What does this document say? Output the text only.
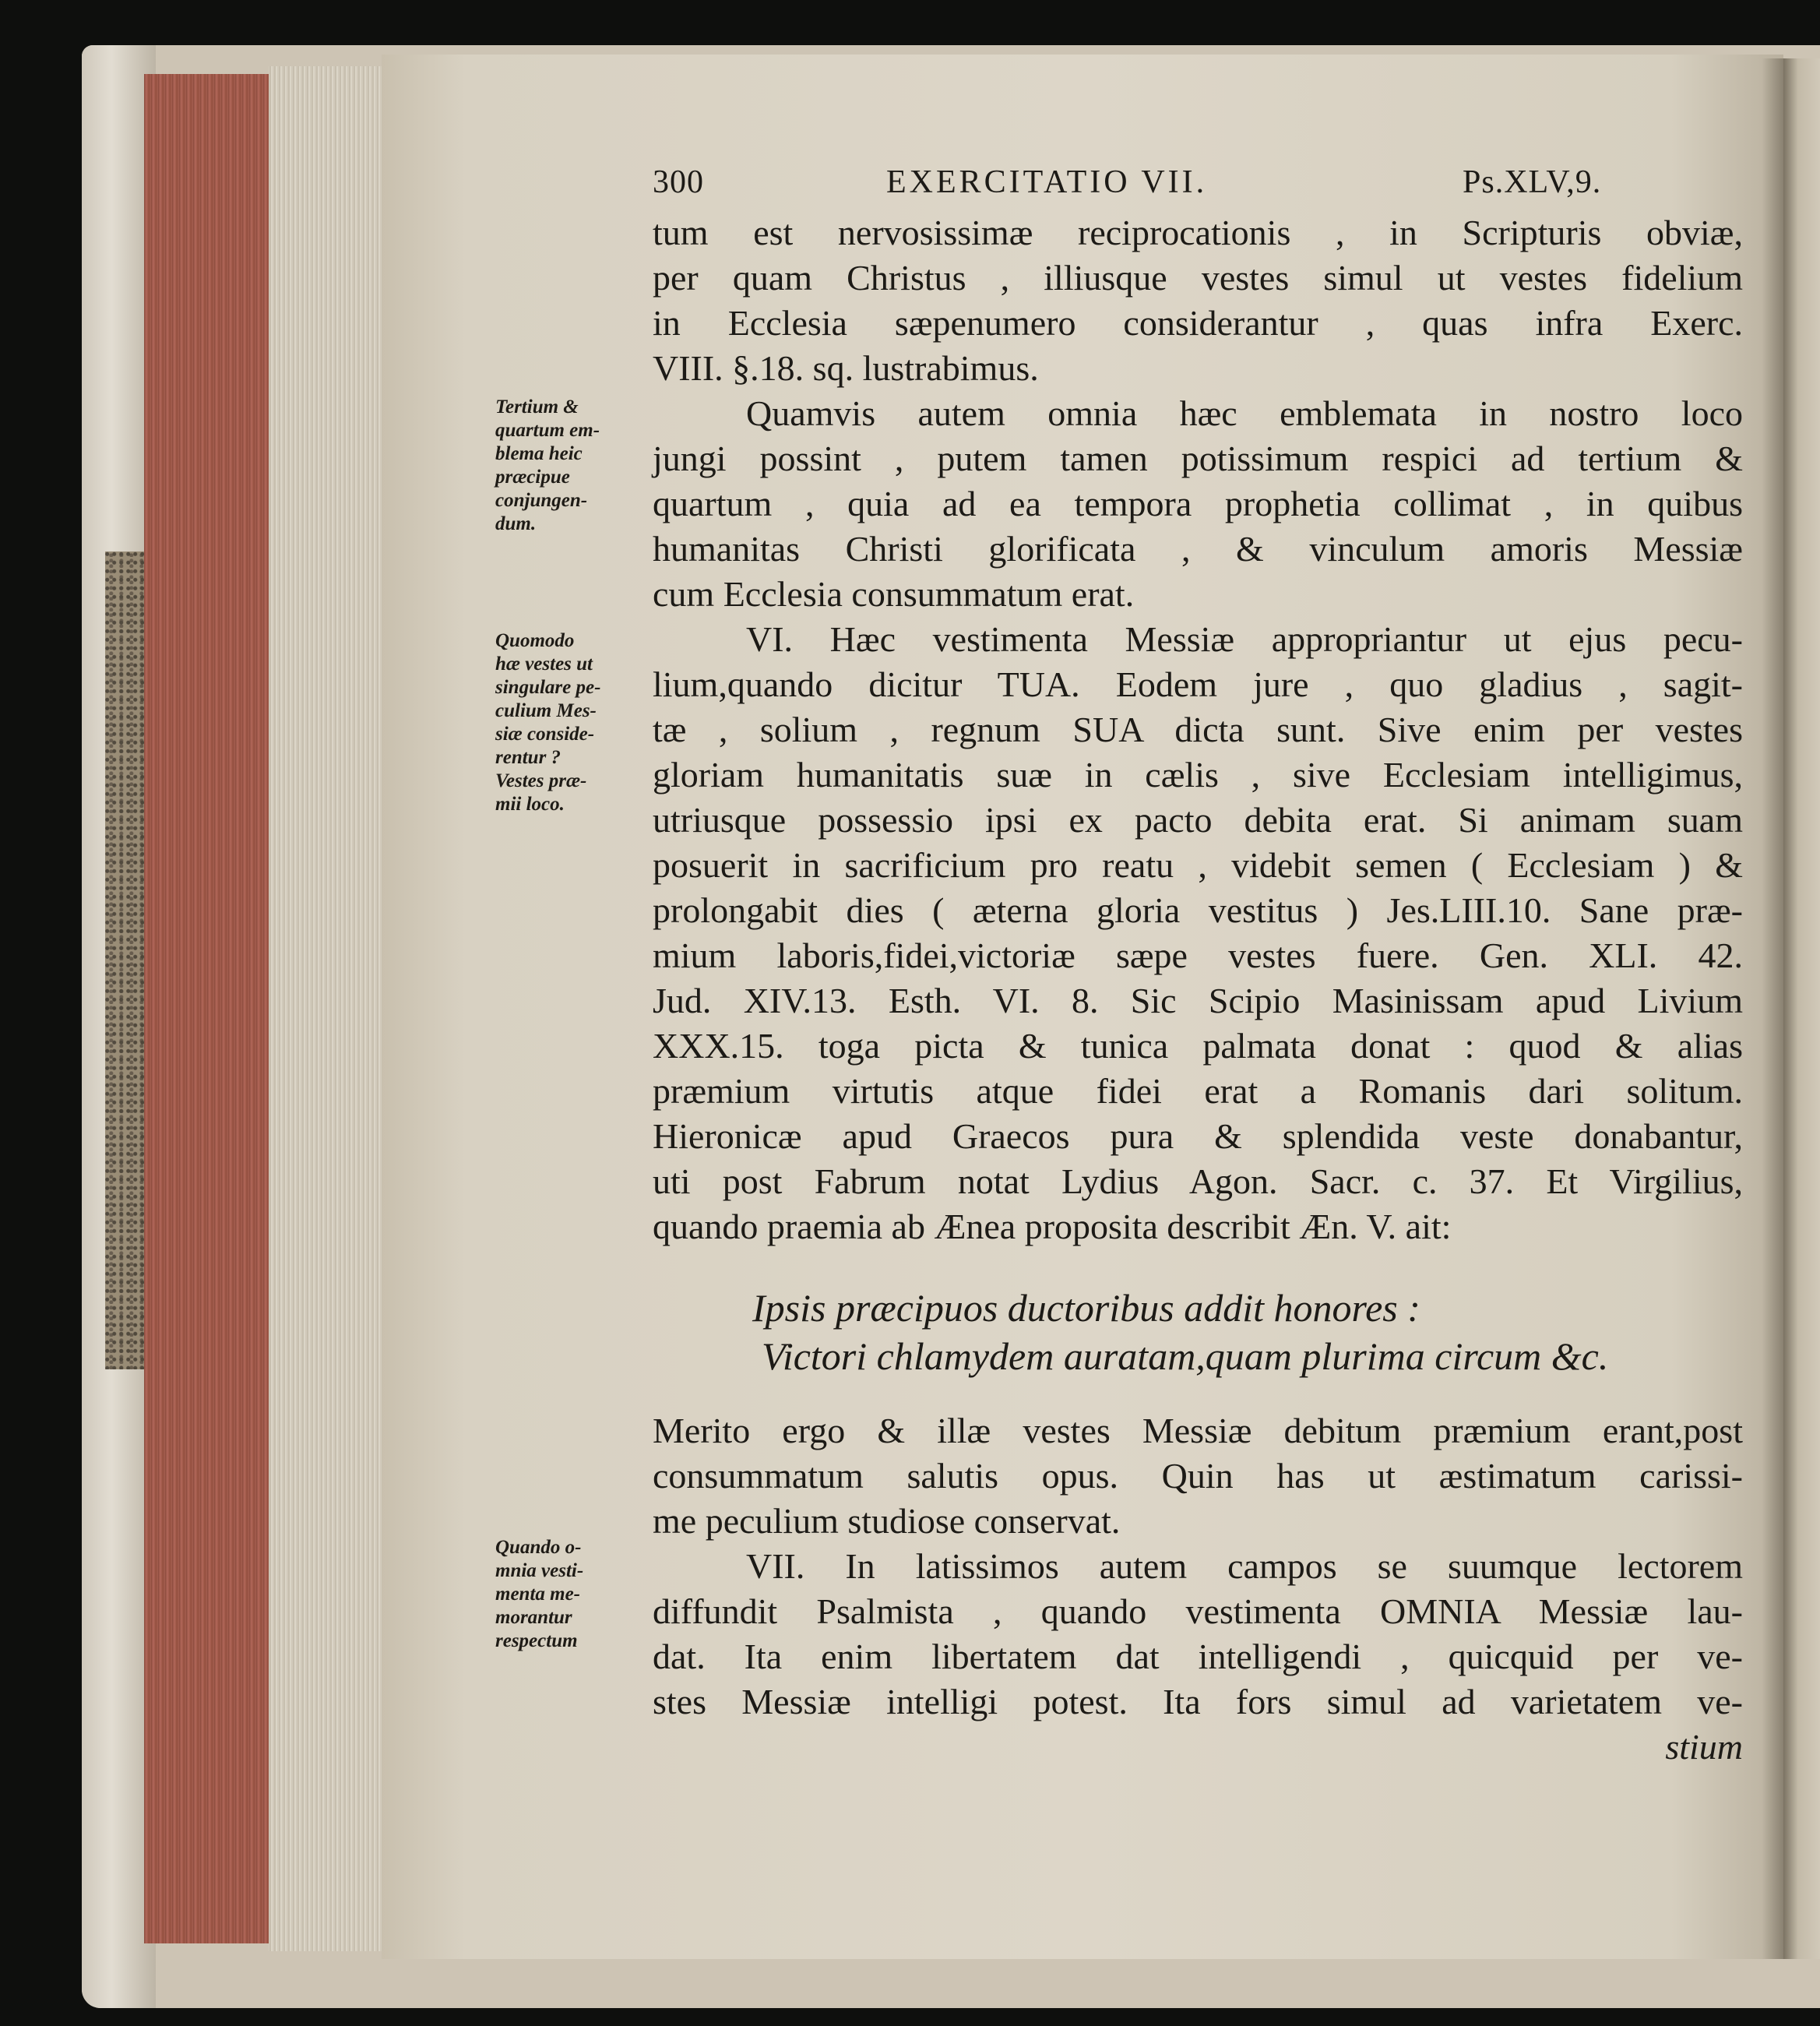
300	EXERCITATIO VII.	Ps.XLV,9.
Tertium &
quartum em-
blema heic
præcipue
conjungen-
dum.
Quomodo
hæ vestes ut
singulare pe-
culium Mes-
siæ conside-
rentur ?
Vestes præ-
mii loco.
Quando o-
mnia vesti-
menta me-
morantur
respectum
tum est nervosissimæ reciprocationis , in Scripturis obviæ,
per quam Christus , illiusque vestes simul ut vestes fidelium
in Ecclesia sæpenumero considerantur , quas infra Exerc.
VIII. §.18. sq. lustrabimus.
Quamvis autem omnia hæc emblemata in nostro loco
jungi possint , putem tamen potissimum respici ad tertium &
quartum , quia ad ea tempora prophetia collimat , in quibus
humanitas Christi glorificata , & vinculum amoris Messiæ
cum Ecclesia consummatum erat.
VI. Hæc vestimenta Messiæ appropriantur ut ejus pecu-
lium,quando dicitur TUA. Eodem jure , quo gladius , sagit-
tæ , solium , regnum SUA dicta sunt. Sive enim per vestes
gloriam humanitatis suæ in cælis , sive Ecclesiam intelligimus,
utriusque possessio ipsi ex pacto debita erat. Si animam suam
posuerit in sacrificium pro reatu , videbit semen ( Ecclesiam ) &
prolongabit dies ( æterna gloria vestitus ) Jes.LIII.10. Sane præ-
mium laboris,fidei,victoriæ sæpe vestes fuere. Gen. XLI. 42.
Jud. XIV.13. Esth. VI. 8. Sic Scipio Masinissam apud Livium
XXX.15. toga picta & tunica palmata donat : quod & alias
præmium virtutis atque fidei erat a Romanis dari solitum.
Hieronicæ apud Graecos pura & splendida veste donabantur,
uti post Fabrum notat Lydius Agon. Sacr. c. 37. Et Virgilius,
quando praemia ab Ænea proposita describit Æn. V. ait:
Ipsis præcipuos ductoribus addit honores :
Victori chlamydem auratam,quam plurima circum &c.
Merito ergo & illæ vestes Messiæ debitum præmium erant,post
consummatum salutis opus. Quin has ut æstimatum carissi-
me peculium studiose conservat.
VII. In latissimos autem campos se suumque lectorem
diffundit Psalmista , quando vestimenta OMNIA Messiæ lau-
dat. Ita enim libertatem dat intelligendi , quicquid per ve-
stes Messiæ intelligi potest. Ita fors simul ad varietatem ve-
stium
